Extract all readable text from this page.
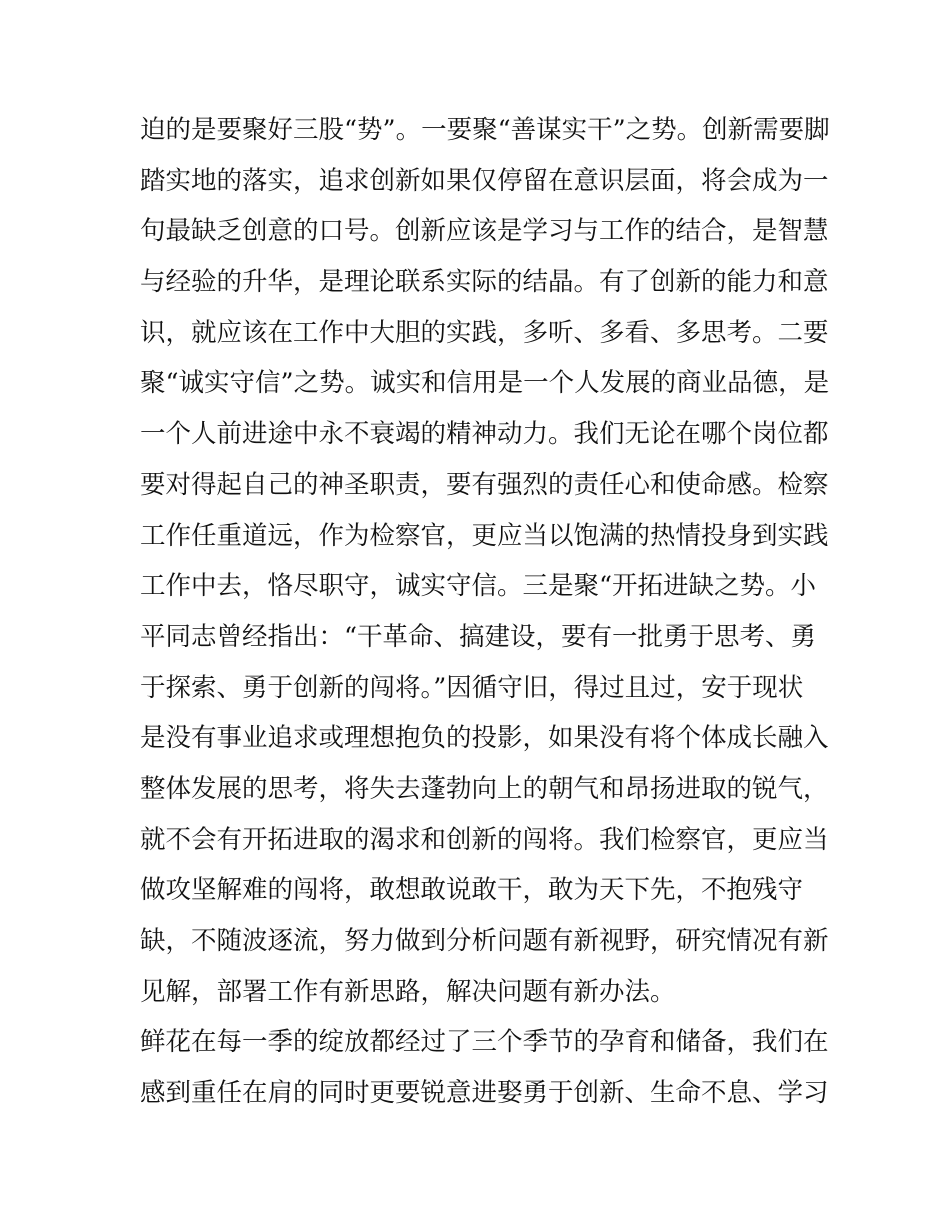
迫的是要聚好三股“势”。一要聚“善谋实干”之势。创新需要脚
踏实地的落实，追求创新如果仅停留在意识层面，将会成为一
句最缺乏创意的口号。创新应该是学习与工作的结合，是智慧
与经验的升华，是理论联系实际的结晶。有了创新的能力和意
识，就应该在工作中大胆的实践，多听、多看、多思考。二要
聚“诚实守信”之势。诚实和信用是一个人发展的商业品德，是
一个人前进途中永不衰竭的精神动力。我们无论在哪个岗位都
要对得起自己的神圣职责，要有强烈的责任心和使命感。检察
工作任重道远，作为检察官，更应当以饱满的热情投身到实践
工作中去，恪尽职守，诚实守信。三是聚“开拓进缺之势。小
平同志曾经指出：“干革命、搞建设，要有一批勇于思考、勇
于探索、勇于创新的闯将。”因循守旧，得过且过，安于现状
是没有事业追求或理想抱负的投影，如果没有将个体成长融入
整体发展的思考，将失去蓬勃向上的朝气和昂扬进取的锐气，
就不会有开拓进取的渴求和创新的闯将。我们检察官，更应当
做攻坚解难的闯将，敢想敢说敢干，敢为天下先，不抱残守
缺，不随波逐流，努力做到分析问题有新视野，研究情况有新
见解，部署工作有新思路，解决问题有新办法。
鲜花在每一季的绽放都经过了三个季节的孕育和储备，我们在
感到重任在肩的同时更要锐意进娶勇于创新、生命不息、学习
